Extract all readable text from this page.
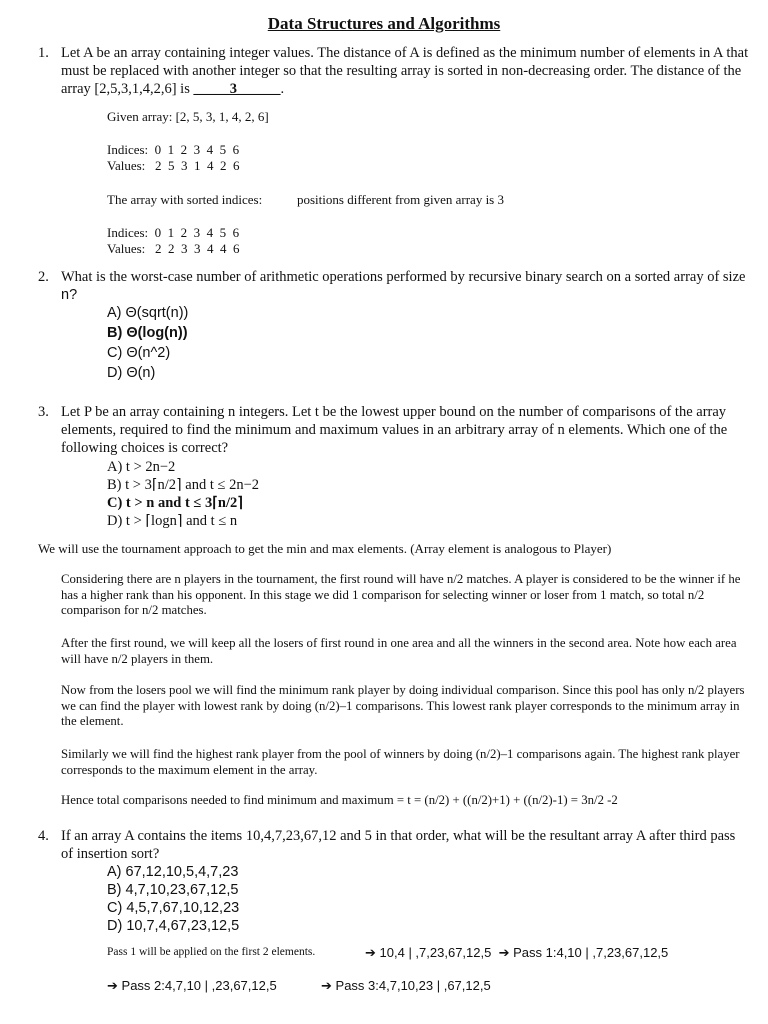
Data Structures and Algorithms
1. Let A be an array containing integer values. The distance of A is defined as the minimum number of elements in A that must be replaced with another integer so that the resulting array is sorted in non-decreasing order. The distance of the array [2,5,3,1,4,2,6] is _____3______.
Given array: [2, 5, 3, 1, 4, 2, 6]
Indices:  0  1  2  3  4  5  6
Values:   2  5  3  1  4  2  6
The array with sorted indices:	positions different from given array is 3
Indices:  0  1  2  3  4  5  6
Values:   2  2  3  3  4  4  6
2. What is the worst-case number of arithmetic operations performed by recursive binary search on a sorted array of size n?
A) Θ(sqrt(n))
B) Θ(log(n))
C) Θ(n^2)
D) Θ(n)
3. Let P be an array containing n integers. Let t be the lowest upper bound on the number of comparisons of the array elements, required to find the minimum and maximum values in an arbitrary array of n elements. Which one of the following choices is correct?
A) t > 2n−2
B) t > 3⌈n/2⌉ and t ≤ 2n−2
C) t > n and t ≤ 3⌈n/2⌉
D) t > ⌈logn⌉ and t ≤ n
We will use the tournament approach to get the min and max elements. (Array element is analogous to Player)
Considering there are n players in the tournament, the first round will have n/2 matches. A player is considered to be the winner if he has a higher rank than his opponent. In this stage we did 1 comparison for selecting winner or loser from 1 match, so total n/2 comparison for n/2 matches.
After the first round, we will keep all the losers of first round in one area and all the winners in the second area. Note how each area will have n/2 players in them.
Now from the losers pool we will find the minimum rank player by doing individual comparison. Since this pool has only n/2 players we can find the player with lowest rank by doing (n/2)–1 comparisons. This lowest rank player corresponds to the minimum array in the element.
Similarly we will find the highest rank player from the pool of winners by doing (n/2)–1 comparisons again. The highest rank player corresponds to the maximum element in the array.
Hence total comparisons needed to find minimum and maximum = t = (n/2) + ((n/2)+1) + ((n/2)-1) = 3n/2 -2
4. If an array A contains the items 10,4,7,23,67,12 and 5 in that order, what will be the resultant array A after third pass of insertion sort?
A) 67,12,10,5,4,7,23
B) 4,7,10,23,67,12,5
C) 4,5,7,67,10,12,23
D) 10,7,4,67,23,12,5
Pass 1 will be applied on the first 2 elements.	➔ 10,4 | ,7,23,67,12,5 ➔ Pass 1:4,10 | ,7,23,67,12,5
➔ Pass 2:4,7,10 | ,23,67,12,5	➔ Pass 3:4,7,10,23 | ,67,12,5
